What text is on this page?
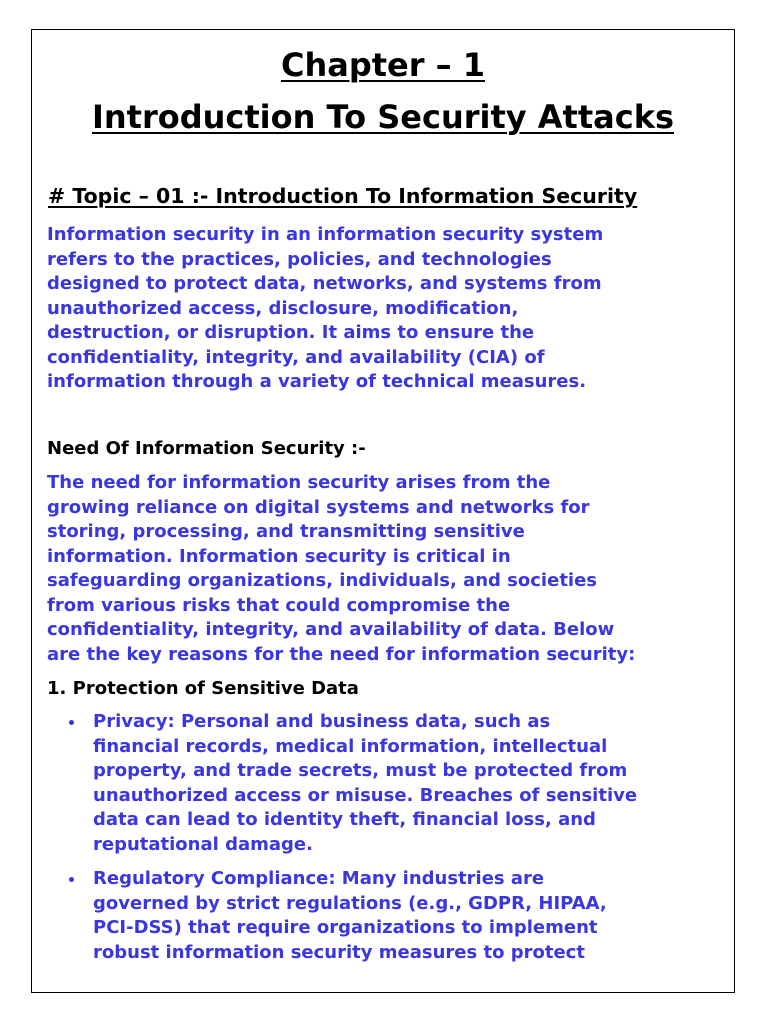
Chapter – 1
Introduction To Security Attacks
# Topic – 01 :- Introduction To Information Security

Information security in an information security system
refers to the practices, policies, and technologies
designed to protect data, networks, and systems from
unauthorized access, disclosure, modification,
destruction, or disruption. It aims to ensure the
confidentiality, integrity, and availability (CIA) of
information through a variety of technical measures.

Need Of Information Security :-

The need for information security arises from the
growing reliance on digital systems and networks for
storing, processing, and transmitting sensitive
information. Information security is critical in
safeguarding organizations, individuals, and societies
from various risks that could compromise the
confidentiality, integrity, and availability of data. Below
are the key reasons for the need for information security:

1. Protection of Sensitive Data
Privacy: Personal and business data, such as
financial records, medical information, intellectual
property, and trade secrets, must be protected from
unauthorized access or misuse. Breaches of sensitive
data can lead to identity theft, financial loss, and
reputational damage.
Regulatory Compliance: Many industries are
governed by strict regulations (e.g., GDPR, HIPAA,
PCI-DSS) that require organizations to implement
robust information security measures to protect
